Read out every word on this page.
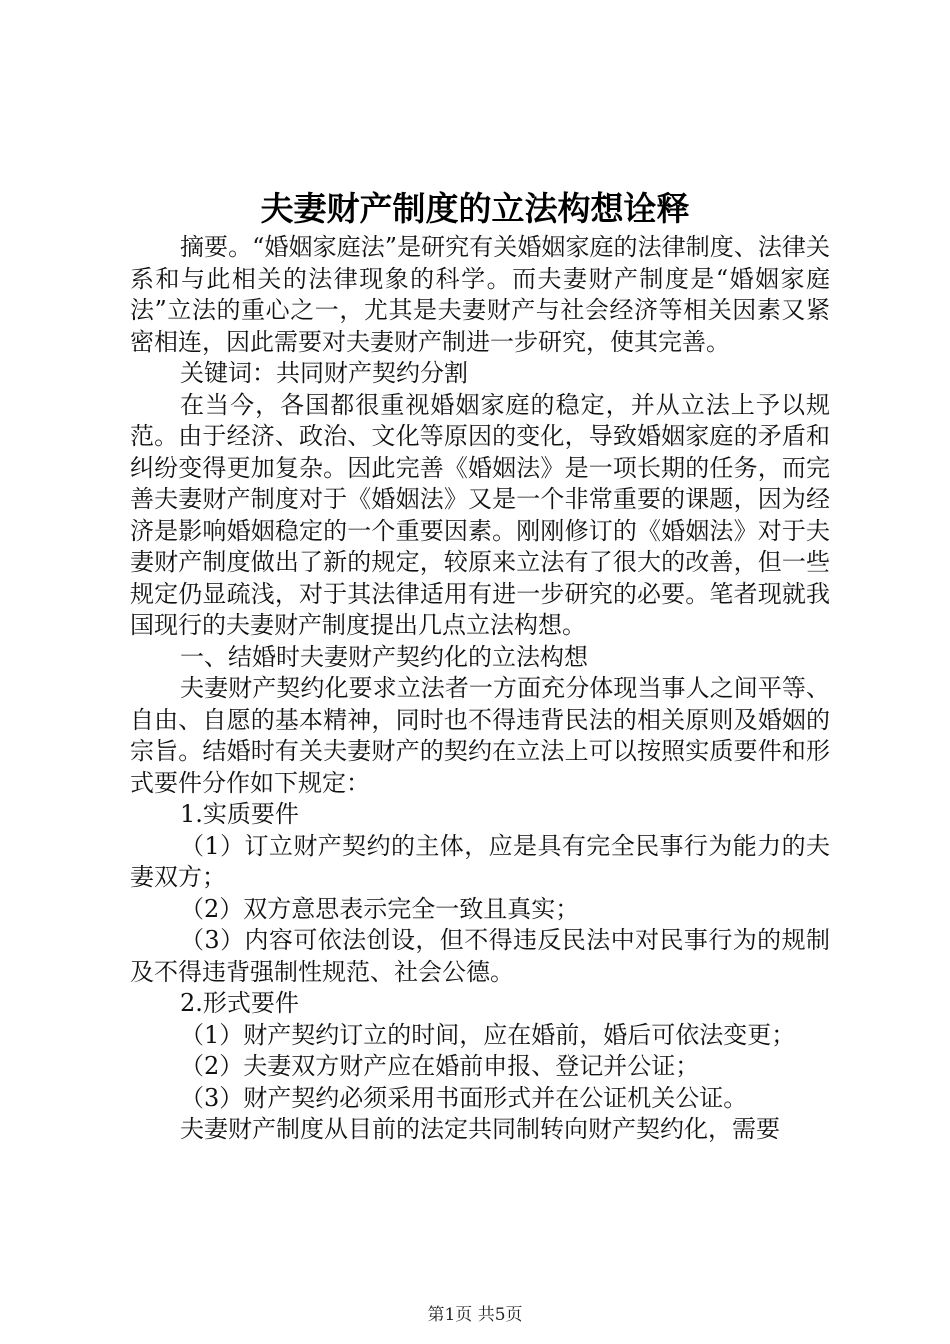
夫妻财产制度的立法构想诠释

摘要。“婚姻家庭法”是研究有关婚姻家庭的法律制度、法律关系和与此相关的法律现象的科学。而夫妻财产制度是“婚姻家庭法”立法的重心之一，尤其是夫妻财产与社会经济等相关因素又紧密相连，因此需要对夫妻财产制进一步研究，使其完善。

关键词：共同财产契约分割

在当今，各国都很重视婚姻家庭的稳定，并从立法上予以规范。由于经济、政治、文化等原因的变化，导致婚姻家庭的矛盾和纠纷变得更加复杂。因此完善《婚姻法》是一项长期的任务，而完善夫妻财产制度对于《婚姻法》又是一个非常重要的课题，因为经济是影响婚姻稳定的一个重要因素。刚刚修订的《婚姻法》对于夫妻财产制度做出了新的规定，较原来立法有了很大的改善，但一些规定仍显疏浅，对于其法律适用有进一步研究的必要。笔者现就我国现行的夫妻财产制度提出几点立法构想。

一、结婚时夫妻财产契约化的立法构想

夫妻财产契约化要求立法者一方面充分体现当事人之间平等、自由、自愿的基本精神，同时也不得违背民法的相关原则及婚姻的宗旨。结婚时有关夫妻财产的契约在立法上可以按照实质要件和形式要件分作如下规定：

1.实质要件

（1）订立财产契约的主体，应是具有完全民事行为能力的夫妻双方；

（2）双方意思表示完全一致且真实；

（3）内容可依法创设，但不得违反民法中对民事行为的规制及不得违背强制性规范、社会公德。

2.形式要件

（1）财产契约订立的时间，应在婚前，婚后可依法变更；

（2）夫妻双方财产应在婚前申报、登记并公证；

（3）财产契约必须采用书面形式并在公证机关公证。

夫妻财产制度从目前的法定共同制转向财产契约化，需要

第1页 共5页
